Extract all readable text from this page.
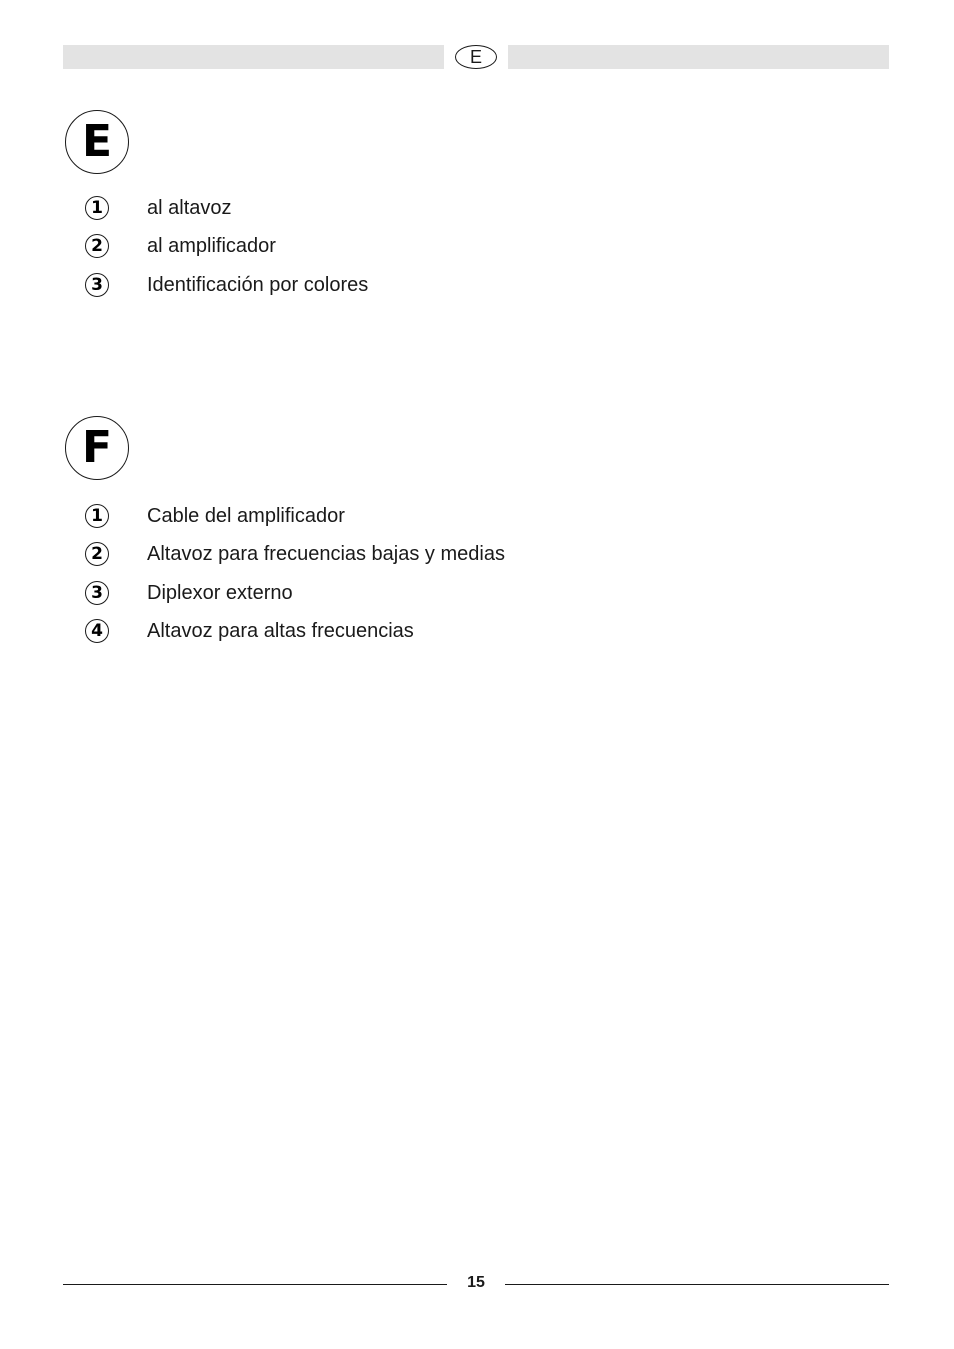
E
E
1	al altavoz
2	al amplificador
3	Identificación por colores
F
1	Cable del amplificador
2	Altavoz para frecuencias bajas y medias
3	Diplexor externo
4	Altavoz para altas frecuencias
15
